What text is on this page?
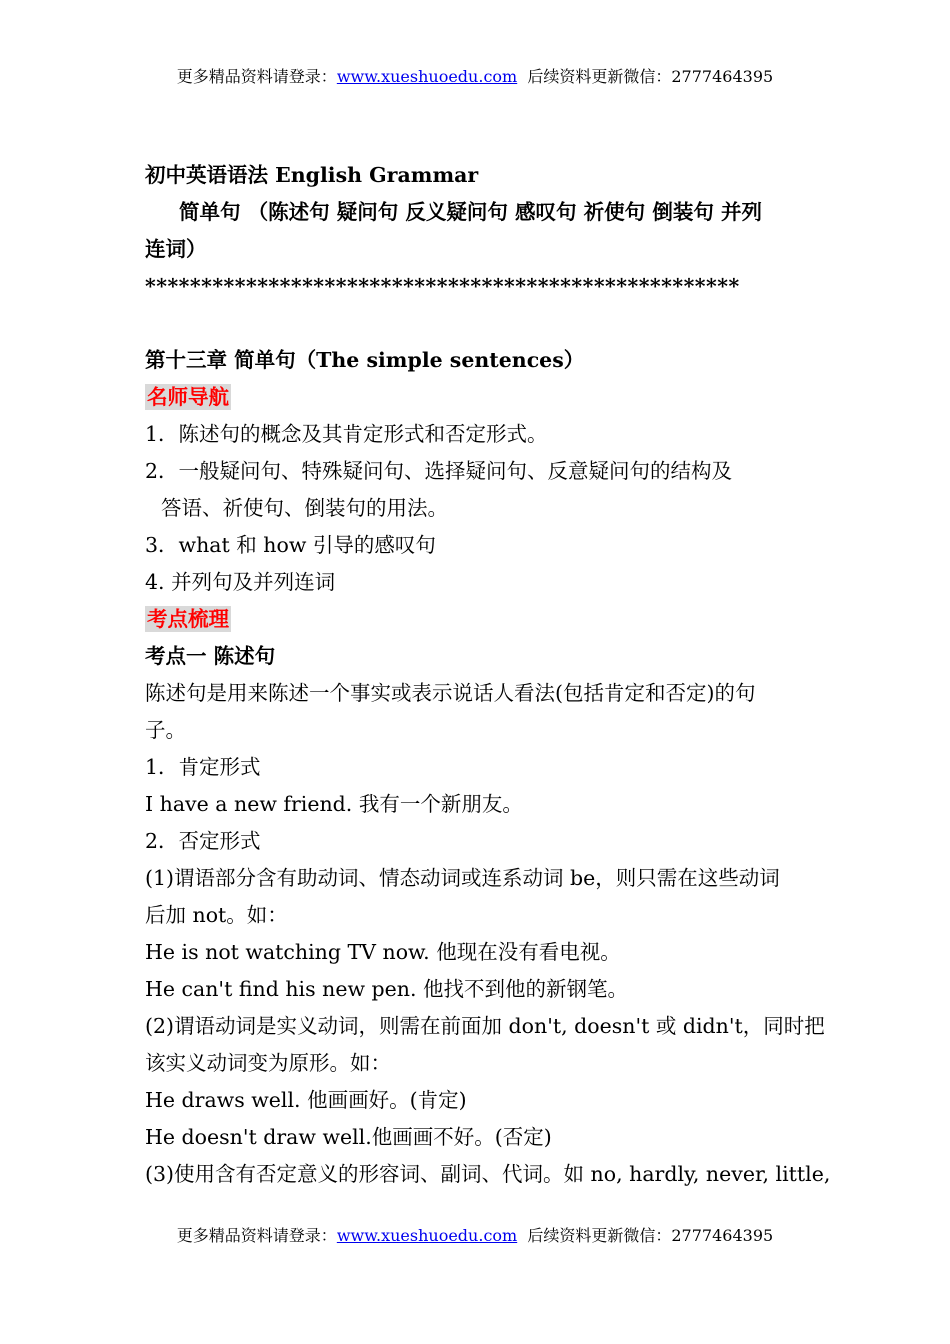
更多精品资料请登录：www.xueshuoedu.com  后续资料更新微信：2777464395
初中英语语法 English Grammar
简单句 （陈述句 疑问句 反义疑问句 感叹句 祈使句 倒装句 并列
连词）
*****************************************************
第十三章 简单句（The simple sentences）
名师导航
1．陈述句的概念及其肯定形式和否定形式。
2．一般疑问句、特殊疑问句、选择疑问句、反意疑问句的结构及
答语、祈使句、倒装句的用法。
3．what 和 how 引导的感叹句
4. 并列句及并列连词
考点梳理
考点一 陈述句
陈述句是用来陈述一个事实或表示说话人看法(包括肯定和否定)的句
子。
1．肯定形式
I have a new friend. 我有一个新朋友。
2．否定形式
(1)谓语部分含有助动词、情态动词或连系动词 be，则只需在这些动词
后加 not。如：
He is not watching TV now. 他现在没有看电视。
He can't find his new pen. 他找不到他的新钢笔。
(2)谓语动词是实义动词，则需在前面加 don't, doesn't 或 didn't，同时把
该实义动词变为原形。如：
He draws well. 他画画好。(肯定)
He doesn't draw well.他画画不好。(否定)
(3)使用含有否定意义的形容词、副词、代词。如 no, hardly, never, little,
更多精品资料请登录：www.xueshuoedu.com  后续资料更新微信：2777464395
